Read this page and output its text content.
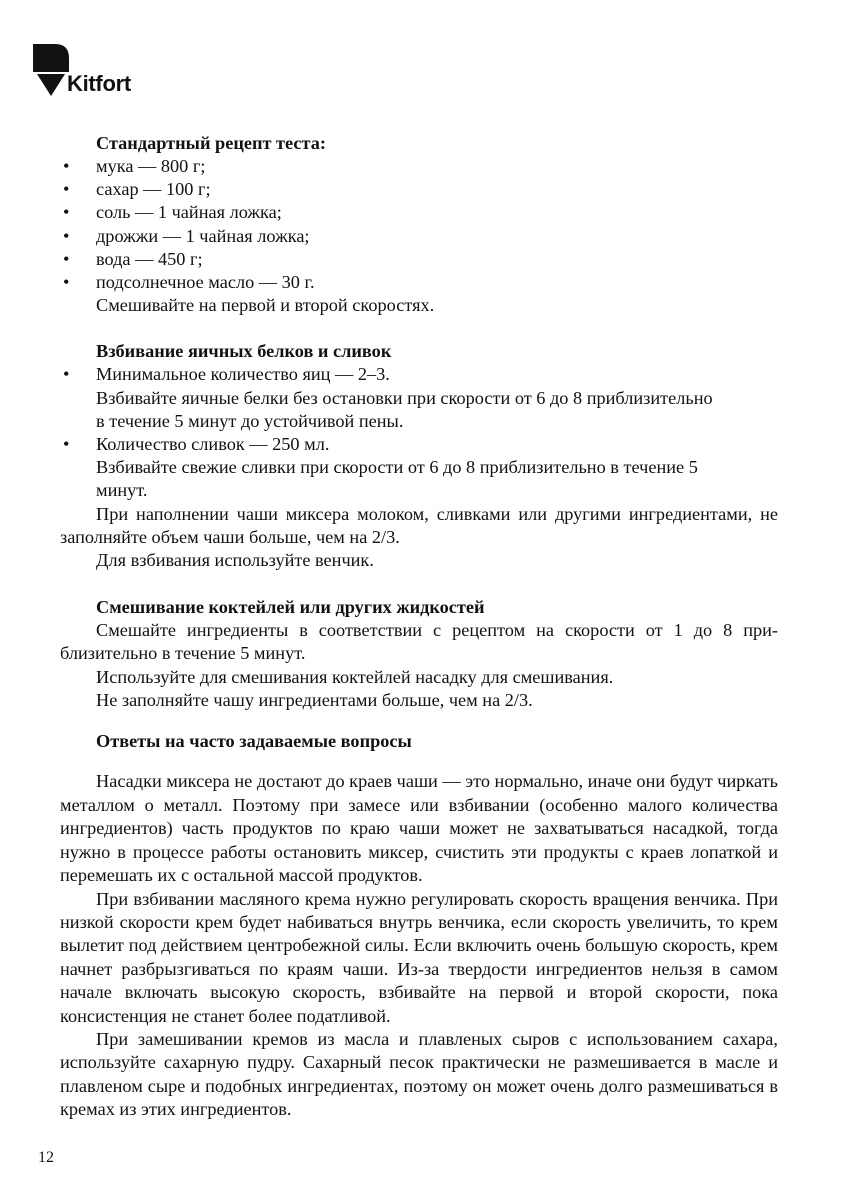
Kitfort
Стандартный рецепт теста:
• мука — 800 г;
• сахар — 100 г;
• соль — 1 чайная ложка;
• дрожжи — 1 чайная ложка;
• вода — 450 г;
• подсолнечное масло — 30 г.
Смешивайте на первой и второй скоростях.
Взбивание яичных белков и сливок
• Минимальное количество яиц — 2–3.
Взбивайте яичные белки без остановки при скорости от 6 до 8 приблизительно
в течение 5 минут до устойчивой пены.
• Количество сливок — 250 мл.
Взбивайте свежие сливки при скорости от 6 до 8 приблизительно в течение 5
минут.

При наполнении чаши миксера молоком, сливками или другими ингредиентами, не заполняйте объем чаши больше, чем на 2/3.

Для взбивания используйте венчик.

Смешивание коктейлей или других жидкостей

Смешайте ингредиенты в соответствии с рецептом на скорости от 1 до 8 приблизительно в течение 5 минут.

Используйте для смешивания коктейлей насадку для смешивания.

Не заполняйте чашу ингредиентами больше, чем на 2/3.

Ответы на часто задаваемые вопросы

Насадки миксера не достают до краев чаши — это нормально, иначе они будут чиркать металлом о металл. Поэтому при замесе или взбивании (особенно малого количества ингредиентов) часть продуктов по краю чаши может не захватываться насадкой, тогда нужно в процессе работы остановить миксер, счистить эти продукты с краев лопаткой и перемешать их с остальной массой продуктов.

При взбивании масляного крема нужно регулировать скорость вращения венчика. При низкой скорости крем будет набиваться внутрь венчика, если скорость увеличить, то крем вылетит под действием центробежной силы. Если включить очень большую скорость, крем начнет разбрызгиваться по краям чаши. Из-за твердости ингредиентов нельзя в самом начале включать высокую скорость, взбивайте на первой и второй скорости, пока консистенция не станет более податливой.

При замешивании кремов из масла и плавленых сыров с использованием сахара, используйте сахарную пудру. Сахарный песок практически не размешивается в масле и плавленом сыре и подобных ингредиентах, поэтому он может очень долго размешиваться в кремах из этих ингредиентов.

12
